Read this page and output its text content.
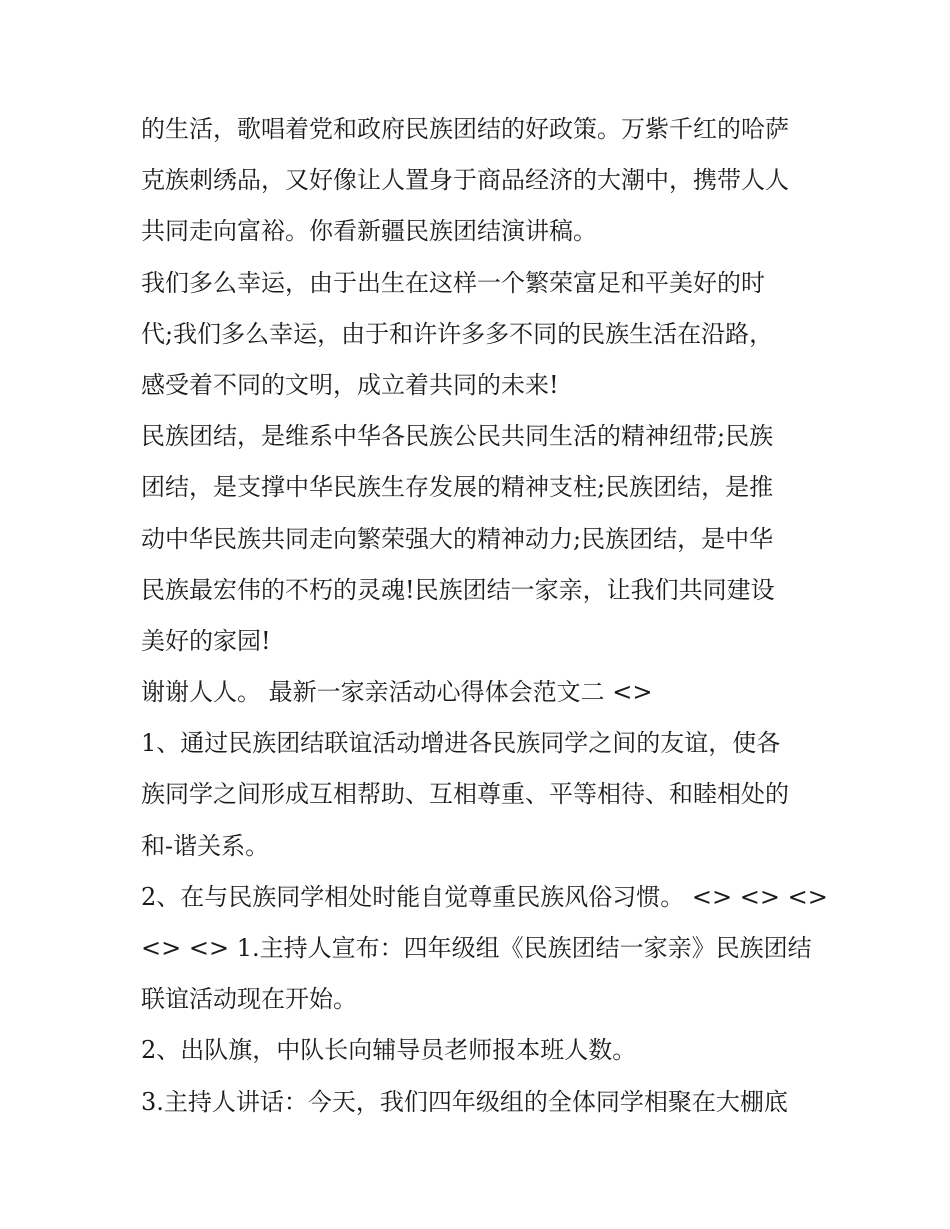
的生活，歌唱着党和政府民族团结的好政策。万紫千红的哈萨
克族刺绣品，又好像让人置身于商品经济的大潮中，携带人人
共同走向富裕。你看新疆民族团结演讲稿。
我们多么幸运，由于出生在这样一个繁荣富足和平美好的时
代;我们多么幸运，由于和许许多多不同的民族生活在沿路，
感受着不同的文明，成立着共同的未来!
民族团结，是维系中华各民族公民共同生活的精神纽带;民族
团结，是支撑中华民族生存发展的精神支柱;民族团结，是推
动中华民族共同走向繁荣强大的精神动力;民族团结，是中华
民族最宏伟的不朽的灵魂!民族团结一家亲，让我们共同建设
美好的家园!
谢谢人人。 最新一家亲活动心得体会范文二 <>
1、通过民族团结联谊活动增进各民族同学之间的友谊，使各
族同学之间形成互相帮助、互相尊重、平等相待、和睦相处的
和-谐关系。
2、在与民族同学相处时能自觉尊重民族风俗习惯。 <> <> <>
<> <> 1.主持人宣布：四年级组《民族团结一家亲》民族团结
联谊活动现在开始。
2、出队旗，中队长向辅导员老师报本班人数。
3.主持人讲话：今天，我们四年级组的全体同学相聚在大棚底
